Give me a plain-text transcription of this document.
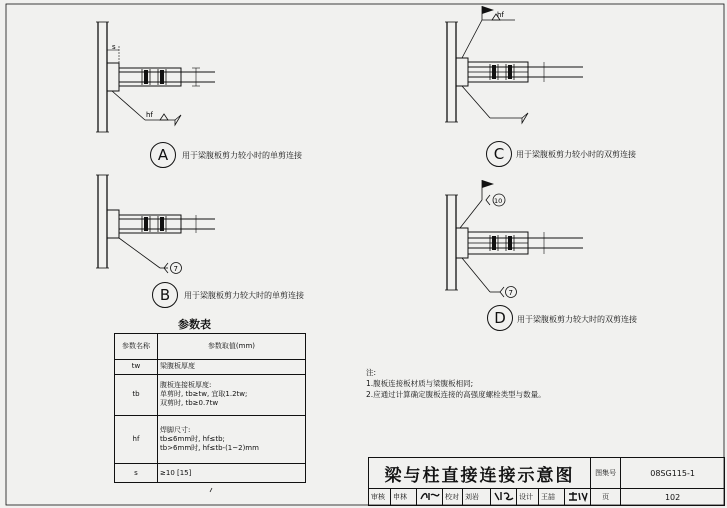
s
hf
7
hf
10
7
A	用于梁腹板剪力较小时的单剪连接
B	用于梁腹板剪力较大时的单剪连接
C	用于梁腹板剪力较小时的双剪连接
D	用于梁腹板剪力较大时的双剪连接
参数表
参数名称	参数取值(mm)
tw	梁腹板厚度
tb	腹板连接板厚度:
单剪时, tb≥tw, 宜取1.2tw;
双剪时, tb≥0.7tw

hf	焊脚尺寸:
tb≤6mm时, hf≤tb;
tb>6mm时, hf≤tb-(1~2)mm

s	≥10 [15]
注:
1.腹板连接板材质与梁腹板相同;
2.应通过计算确定腹板连接的高强度螺栓类型与数量。
梁与柱直接连接示意图									图集号	08SG115-1
审核	申林		校对	刘岩		设计	王喆		页	102
